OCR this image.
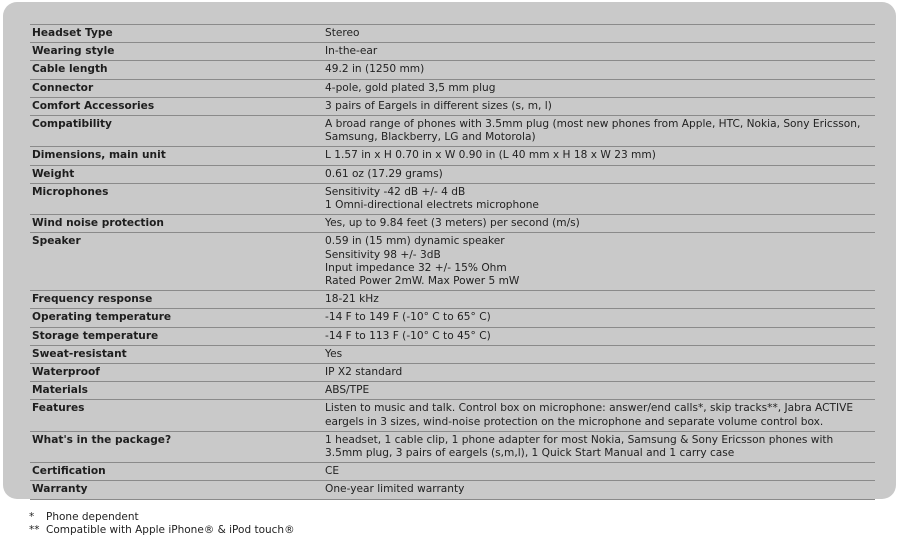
Headset Type	Stereo
Wearing style	In-the-ear
Cable length	49.2 in (1250 mm)
Connector	4-pole, gold plated 3,5 mm plug
Comfort Accessories	3 pairs of Eargels in different sizes (s, m, l)
Compatibility	A broad range of phones with 3.5mm plug (most new phones from Apple, HTC, Nokia, Sony Ericsson,
Samsung, Blackberry, LG and Motorola)
Dimensions, main unit	L 1.57 in x H 0.70 in x W 0.90 in (L 40 mm x H 18 x W 23 mm)
Weight	0.61 oz (17.29 grams)
Microphones	Sensitivity -42 dB +/- 4 dB
1 Omni-directional electrets microphone
Wind noise protection	Yes, up to 9.84 feet (3 meters) per second (m/s)
Speaker	0.59 in (15 mm) dynamic speaker
Sensitivity 98 +/- 3dB
Input impedance 32 +/- 15% Ohm
Rated Power 2mW. Max Power 5 mW
Frequency response	18-21 kHz
Operating temperature	-14 F to 149 F (-10° C to 65° C)
Storage temperature	-14 F to 113 F (-10° C to 45° C)
Sweat-resistant	Yes
Waterproof	IP X2 standard
Materials	ABS/TPE
Features	Listen to music and talk. Control box on microphone: answer/end calls*, skip tracks**, Jabra ACTIVE
eargels in 3 sizes, wind-noise protection on the microphone and separate volume control box.
What's in the package?	1 headset, 1 cable clip, 1 phone adapter for most Nokia, Samsung & Sony Ericsson phones with
3.5mm plug, 3 pairs of eargels (s,m,l), 1 Quick Start Manual and 1 carry case
Certification	CE
Warranty	One-year limited warranty
*	Phone dependent
** Compatible with Apple iPhone® & iPod touch®
